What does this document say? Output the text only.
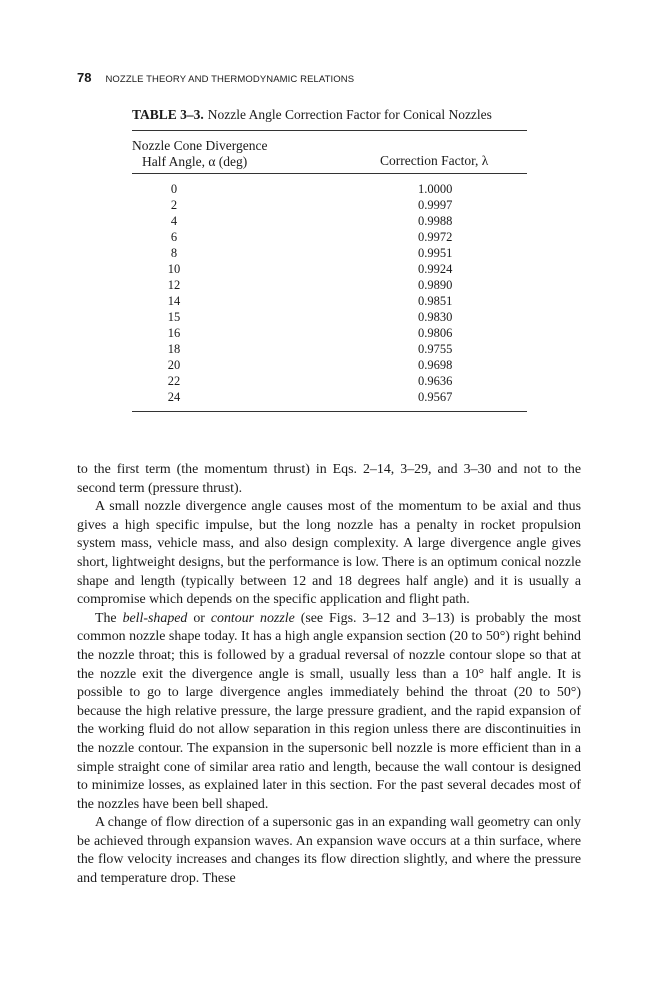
78 NOZZLE THEORY AND THERMODYNAMIC RELATIONS
TABLE 3–3. Nozzle Angle Correction Factor for Conical Nozzles
Nozzle Cone Divergence
Half Angle, α (deg)	Correction Factor, λ
0	1.0000
2	0.9997
4	0.9988
6	0.9972
8	0.9951
10	0.9924
12	0.9890
14	0.9851
15	0.9830
16	0.9806
18	0.9755
20	0.9698
22	0.9636
24	0.9567

to the first term (the momentum thrust) in Eqs. 2–14, 3–29, and 3–30 and not to the second term (pressure thrust).

A small nozzle divergence angle causes most of the momentum to be axial and thus gives a high specific impulse, but the long nozzle has a penalty in rocket propulsion system mass, vehicle mass, and also design complexity. A large divergence angle gives short, lightweight designs, but the performance is low. There is an optimum conical nozzle shape and length (typically between 12 and 18 degrees half angle) and it is usually a compromise which depends on the specific application and flight path.

The bell-shaped or contour nozzle (see Figs. 3–12 and 3–13) is probably the most common nozzle shape today. It has a high angle expansion section (20 to 50°) right behind the nozzle throat; this is followed by a gradual reversal of nozzle contour slope so that at the nozzle exit the divergence angle is small, usually less than a 10° half angle. It is possible to go to large divergence angles immediately behind the throat (20 to 50°) because the high relative pressure, the large pressure gradient, and the rapid expansion of the working fluid do not allow separation in this region unless there are discontinuities in the nozzle contour. The expansion in the supersonic bell nozzle is more efficient than in a simple straight cone of similar area ratio and length, because the wall contour is designed to minimize losses, as explained later in this section. For the past several decades most of the nozzles have been bell shaped.

A change of flow direction of a supersonic gas in an expanding wall geometry can only be achieved through expansion waves. An expansion wave occurs at a thin surface, where the flow velocity increases and changes its flow direction slightly, and where the pressure and temperature drop. These
